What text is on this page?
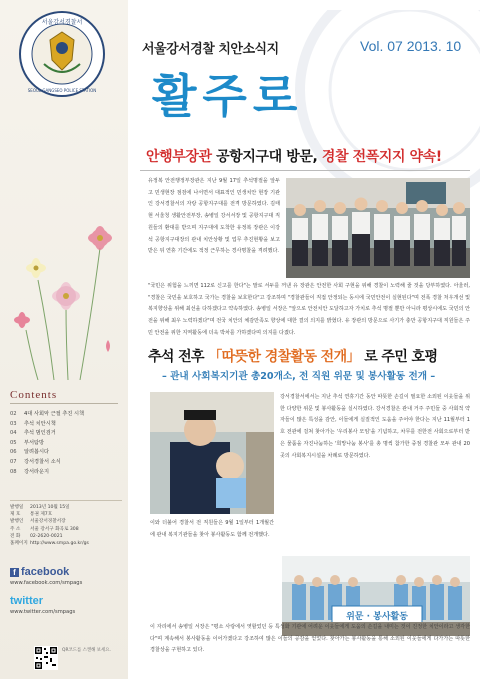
서울강서경찰서
SEOUL GANGSEO POLICE STATION
Contents
02	4대 사회악 근절 추진 시책
03	추석 치안시책
04	추석 범인검거
05	부서탐방
06	알려봅시다
07	강서경찰서 소식
08	강서라운지
발행일	2013년 10월 15일
제 호	통권 제7호
발행인	서울강서경찰서장
주 소	서울 강서구 화곡로 308
전 화	02-2620-0021
홈페이지 http://www.smpa.go.kr/gs
f facebook
www.facebook.com/smpags
twitter
www.twitter.com/smpags
QR코드를 스캔해 보세요.
서울강서경찰 치안소식지	Vol. 07 2013. 10
활주로
안행부장관 공항지구대 방문, 경찰 전폭지지 약속!
유정복 안전행정부장관은 지난 9월 17일 추석명절을 앞두고 민생현장 점검에 나서면서 대표적인 민생치안 현장 기관인 강서경찰서의 자랑 공항지구대를 전격 방문하였다. 김태현 서울청 생활안전부장, 송병일 강서서장 및 공항지구대 직원들의 환대를 받으며 지구대에 도착한 유정복 장관은 이강석 공항지구대장의 관내 치안상황 및 업무 추진현황을 보고받은 뒤 연휴 기간에도 적정 근무하는 경사명찰을 격려했다.
"국민은 위험을 느끼면 112로 신고를 한다"는 말로 서두를 꺼낸 유 장관은 안전한 사회 구현을 위해 경찰이 노력해 줄 것을 당부하였다. 아울러, "경찰은 국민을 보호하고 국가는 경찰을 보호한다"고 강조하며 "경찰관들이 직접 안정되는 동시에 국민안전이 실현된다"며 전폭 경찰 처우개선 및 복지향상을 위해 최선을 다하겠다고 약속하였다. 송병일 서장은 "앞으로 안전치안 도달하고자 가치로 추석 명절 뿐만 아니라 평상시에도 국민의 안전을 위해 최우 노력하겠다"며 전국 치안의 체감만족도 향상에 대한 결의 의지를 밝혔다. 유 장관의 방문으로 사기가 충만 공항지구대 직원들은 주민 안전을 위한 지역활동에 더욱 박차를 가하겠다며 의지를 다졌다.
추석 전후 「따뜻한 경찰활동 전개」 로 주민 호평
– 관내 사회복지기관 총20개소, 전 직원 위문 및 봉사활동 전개 –
강서경찰서에서는 지난 추석 연휴기간 동안 따뜻한 손길이 필요한 소외된 이웃들을 위한 다양한 위문 및 봉사활동을 실시하였다. 강서경찰은 관내 거주 주민들 중 사회적 약자들이 많은 특성을 감안, 이들에게 실질적인 도움을 주어야 한다는 지난 11월부터 1호 전관에 걸쳐 찾아가는 '우리봉사 모임'을 기념하고, 차무를 전한전 사회으로부터 받은 물품을 자진나눔하는 '희망나눔 봉사'를 총 명씩 참가한 중점 경찰관 모두 관내 20곳의 사회복지시설을 차례로 방문하였다.
이와 더불어 경찰서 전 직원들은 9월 1일부터 1개월간에 관내 복지기관들을 찾아 봉사활동도 함께 전개했다.
위문 · 봉사활동
이 자리에서 송병일 서장은 "평소 사랑에서 엿할었던 등 특성화 기관에 어려운 이웃들에게 도움의 손길을 내미는 것이 진정한 치안이라고 생각한다"며 계속해서 봉사활동을 이어가겠다고 강조하여 많은 이들의 공감을 얻었다. 찾아가는 봉사활동을 통해 소외된 이웃들에게 다가가는 따뜻한 경찰상을 구현하고 있다.
